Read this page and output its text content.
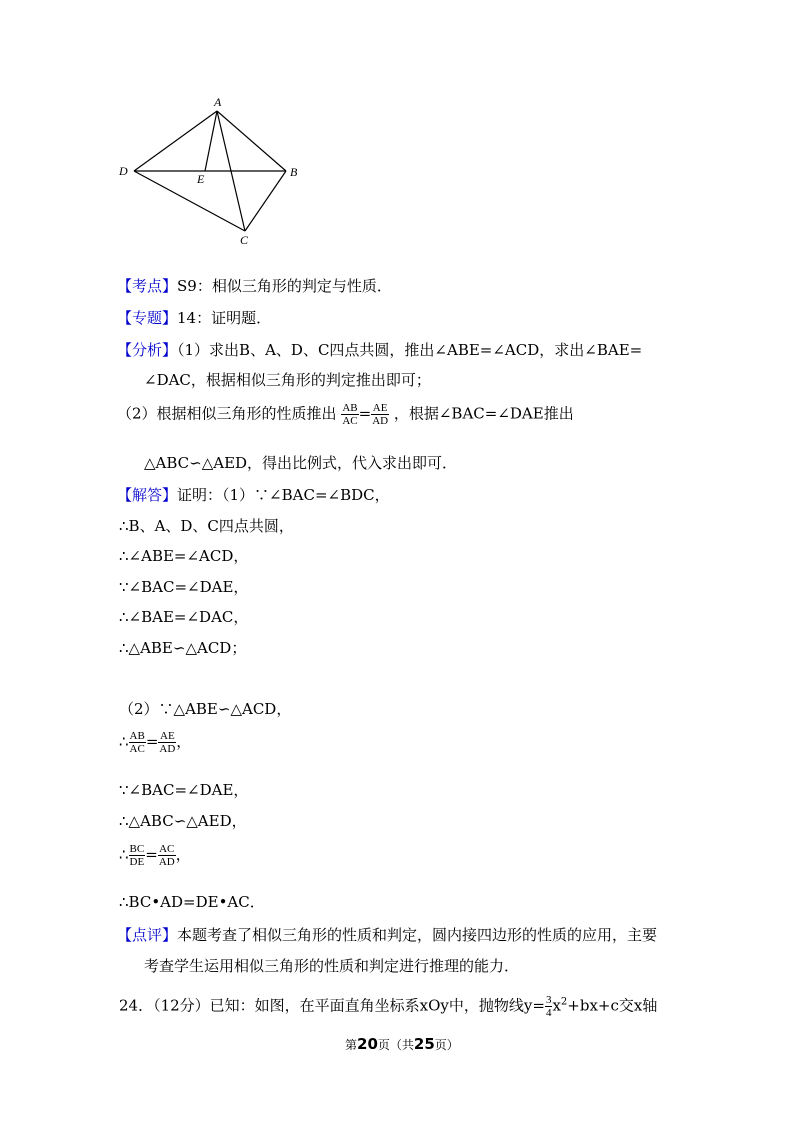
A
D
E	B
C
【考点】S9：相似三角形的判定与性质．
【专题】14：证明题．
【分析】（1）求出B、A、D、C四点共圆，推出∠ABE=∠ACD，求出∠BAE=
∠DAC，根据相似三角形的判定推出即可；
（2）根据相似三角形的性质推出 $\frac{AB}{AC} = \frac{AE}{AD}$ ，根据∠BAC=∠DAE推出
△ABC∽△AED，得出比例式，代入求出即可．
【解答】证明：（1）∵∠BAC=∠BDC，
∴B、A、D、C四点共圆，
∴∠ABE=∠ACD，
∵∠BAC=∠DAE，
∴∠BAE=∠DAC，
∴△ABE∽△ACD；
（2）∵△ABE∽△ACD，
∴ $\frac{AB}{AC} = \frac{AE}{AD}$ ，
∵∠BAC=∠DAE，
∴△ABC∽△AED，
∴ $\frac{BC}{DE} = \frac{AC}{AD}$ ，
∴BC•AD=DE•AC．
【点评】本题考查了相似三角形的性质和判定，圆内接四边形的性质的应用，主要
考查学生运用相似三角形的性质和判定进行推理的能力．
24．（12分）已知：如图，在平面直角坐标系xOy中，抛物线$y= \frac{3}{4} x^2+bx+c$交x轴
第20页（共25页）
